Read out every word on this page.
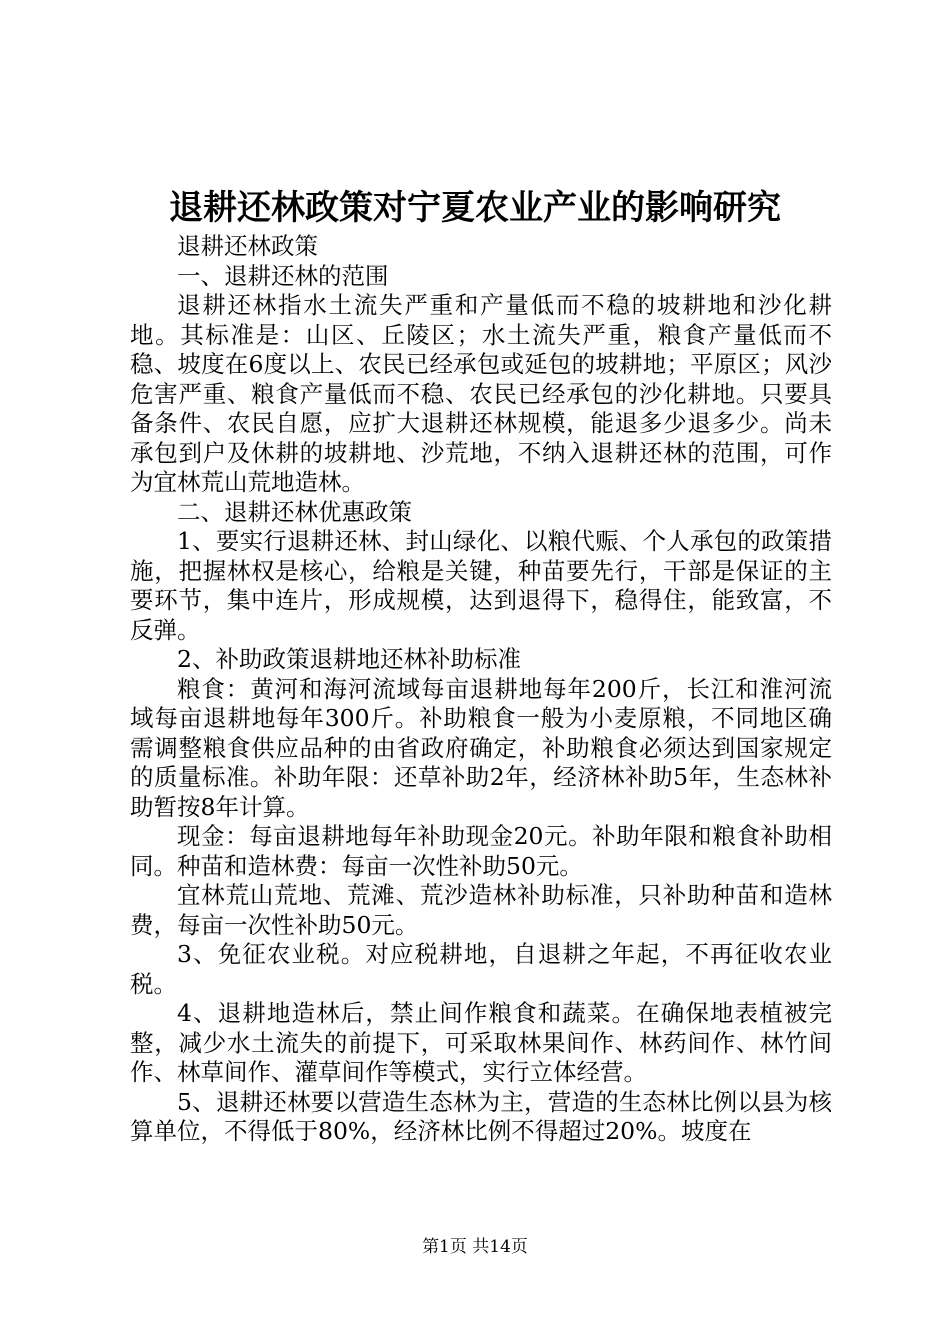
退耕还林政策对宁夏农业产业的影响研究

退耕还林政策

一、退耕还林的范围

退耕还林指水土流失严重和产量低而不稳的坡耕地和沙化耕地。其标准是：山区、丘陵区；水土流失严重，粮食产量低而不稳、坡度在6度以上、农民已经承包或延包的坡耕地；平原区；风沙危害严重、粮食产量低而不稳、农民已经承包的沙化耕地。只要具备条件、农民自愿，应扩大退耕还林规模，能退多少退多少。尚未承包到户及休耕的坡耕地、沙荒地，不纳入退耕还林的范围，可作为宜林荒山荒地造林。

二、退耕还林优惠政策

1、要实行退耕还林、封山绿化、以粮代赈、个人承包的政策措施，把握林权是核心，给粮是关键，种苗要先行，干部是保证的主要环节，集中连片，形成规模，达到退得下，稳得住，能致富，不反弹。

2、补助政策退耕地还林补助标准

粮食：黄河和海河流域每亩退耕地每年200斤，长江和淮河流域每亩退耕地每年300斤。补助粮食一般为小麦原粮，不同地区确需调整粮食供应品种的由省政府确定，补助粮食必须达到国家规定的质量标准。补助年限：还草补助2年，经济林补助5年，生态林补助暂按8年计算。

现金：每亩退耕地每年补助现金20元。补助年限和粮食补助相同。种苗和造林费：每亩一次性补助50元。

宜林荒山荒地、荒滩、荒沙造林补助标准，只补助种苗和造林费，每亩一次性补助50元。

3、免征农业税。对应税耕地，自退耕之年起，不再征收农业税。

4、退耕地造林后，禁止间作粮食和蔬菜。在确保地表植被完整，减少水土流失的前提下，可采取林果间作、林药间作、林竹间作、林草间作、灌草间作等模式，实行立体经营。

5、退耕还林要以营造生态林为主，营造的生态林比例以县为核算单位，不得低于80%，经济林比例不得超过20%。坡度在

第1页 共14页
